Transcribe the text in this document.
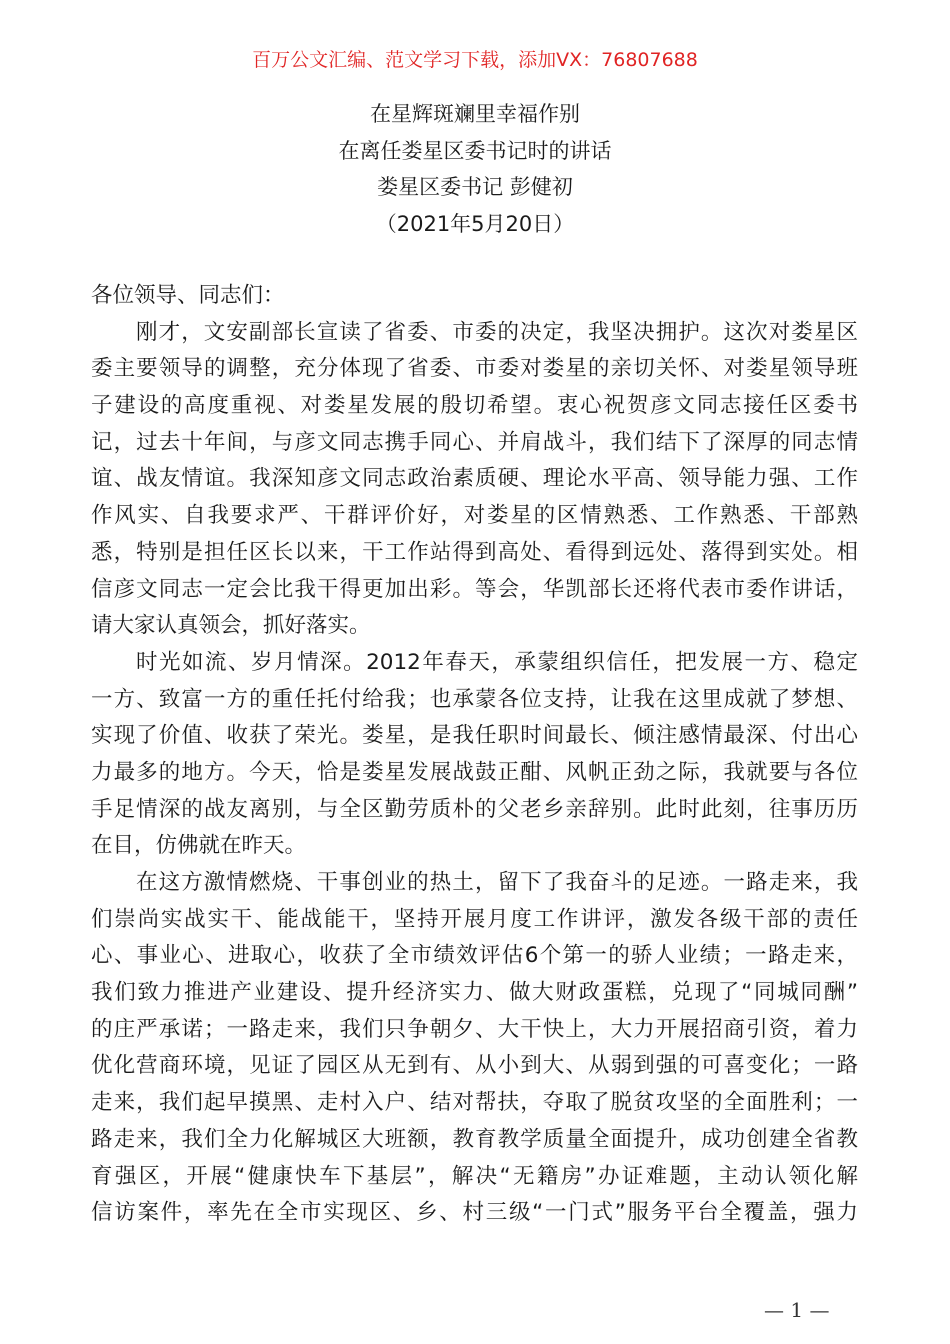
百万公文汇编、范文学习下载，添加VX：76807688
在星辉斑斓里幸福作别
在离任娄星区委书记时的讲话
娄星区委书记 彭健初
（2021年5月20日）
各位领导、同志们：
刚才，文安副部长宣读了省委、市委的决定，我坚决拥护。这次对娄星区
委主要领导的调整，充分体现了省委、市委对娄星的亲切关怀、对娄星领导班
子建设的高度重视、对娄星发展的殷切希望。衷心祝贺彦文同志接任区委书
记，过去十年间，与彦文同志携手同心、并肩战斗，我们结下了深厚的同志情
谊、战友情谊。我深知彦文同志政治素质硬、理论水平高、领导能力强、工作
作风实、自我要求严、干群评价好，对娄星的区情熟悉、工作熟悉、干部熟
悉，特别是担任区长以来，干工作站得到高处、看得到远处、落得到实处。相
信彦文同志一定会比我干得更加出彩。等会，华凯部长还将代表市委作讲话，
请大家认真领会，抓好落实。
时光如流、岁月情深。2012年春天，承蒙组织信任，把发展一方、稳定
一方、致富一方的重任托付给我；也承蒙各位支持，让我在这里成就了梦想、
实现了价值、收获了荣光。娄星，是我任职时间最长、倾注感情最深、付出心
力最多的地方。今天，恰是娄星发展战鼓正酣、风帆正劲之际，我就要与各位
手足情深的战友离别，与全区勤劳质朴的父老乡亲辞别。此时此刻，往事历历
在目，仿佛就在昨天。
在这方激情燃烧、干事创业的热土，留下了我奋斗的足迹。一路走来，我
们崇尚实战实干、能战能干，坚持开展月度工作讲评，激发各级干部的责任
心、事业心、进取心，收获了全市绩效评估6个第一的骄人业绩；一路走来，
我们致力推进产业建设、提升经济实力、做大财政蛋糕，兑现了“同城同酬”
的庄严承诺；一路走来，我们只争朝夕、大干快上，大力开展招商引资，着力
优化营商环境，见证了园区从无到有、从小到大、从弱到强的可喜变化；一路
走来，我们起早摸黑、走村入户、结对帮扶，夺取了脱贫攻坚的全面胜利；一
路走来，我们全力化解城区大班额，教育教学质量全面提升，成功创建全省教
育强区，开展“健康快车下基层”，解决“无籍房”办证难题，主动认领化解
信访案件，率先在全市实现区、乡、村三级“一门式”服务平台全覆盖，强力
— 1 —
